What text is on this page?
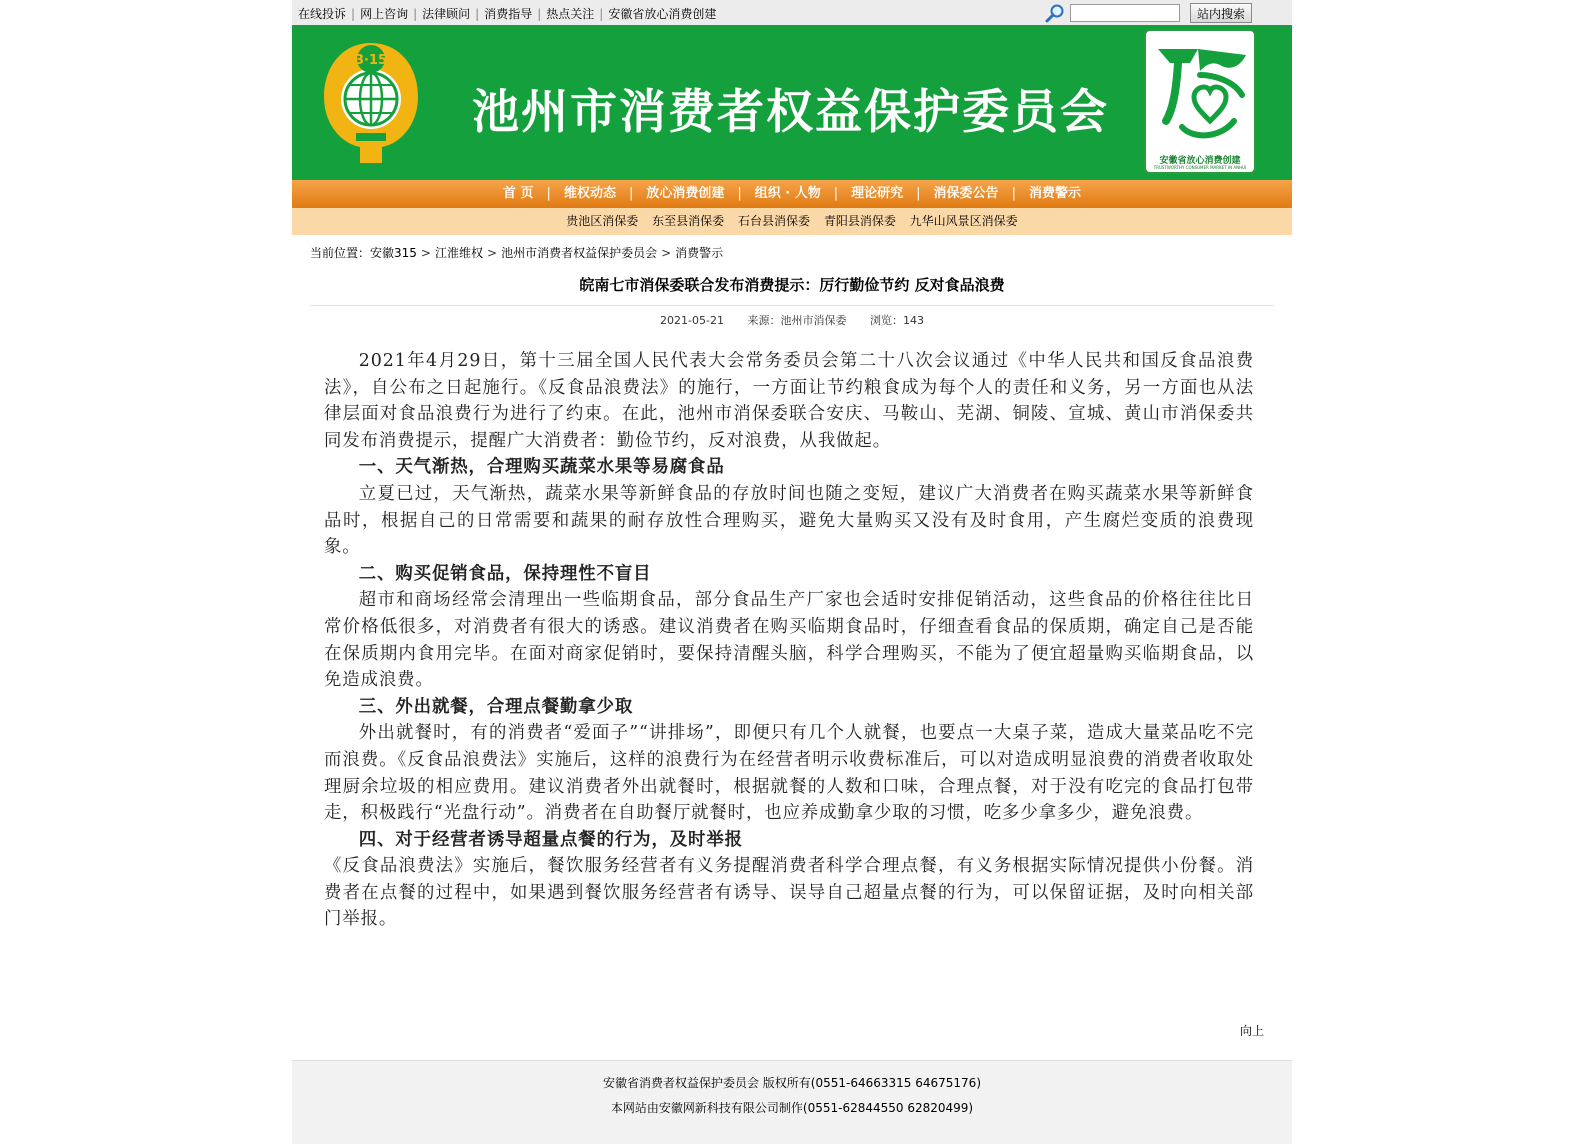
在线投诉 | 网上咨询 | 法律顾问 | 消费指导 | 热点关注 | 安徽省放心消费创建	站内搜索
3·15
池州市消费者权益保护委员会
安徽省放心消费创建
TRUSTWORTHY CONSUMER MARKET IN ANHUI
首 页 | 维权动态 | 放心消费创建 | 组织 · 人物 | 理论研究 | 消保委公告 | 消费警示
贵池区消保委 东至县消保委 石台县消保委 青阳县消保委 九华山风景区消保委
当前位置：安徽315 > 江淮维权 > 池州市消费者权益保护委员会 > 消费警示
皖南七市消保委联合发布消费提示：厉行勤俭节约 反对食品浪费
2021-05-21 来源：池州市消保委 浏览：143

2021年4月29日，第十三届全国人民代表大会常务委员会第二十八次会议通过《中华人民共和国反食品浪费法》，自公布之日起施行。《反食品浪费法》的施行，一方面让节约粮食成为每个人的责任和义务，另一方面也从法律层面对食品浪费行为进行了约束。在此，池州市消保委联合安庆、马鞍山、芜湖、铜陵、宣城、黄山市消保委共同发布消费提示，提醒广大消费者：勤俭节约，反对浪费，从我做起。

一、天气渐热，合理购买蔬菜水果等易腐食品

立夏已过，天气渐热，蔬菜水果等新鲜食品的存放时间也随之变短，建议广大消费者在购买蔬菜水果等新鲜食品时，根据自己的日常需要和蔬果的耐存放性合理购买，避免大量购买又没有及时食用，产生腐烂变质的浪费现象。

二、购买促销食品，保持理性不盲目

超市和商场经常会清理出一些临期食品，部分食品生产厂家也会适时安排促销活动，这些食品的价格往往比日常价格低很多，对消费者有很大的诱惑。建议消费者在购买临期食品时，仔细查看食品的保质期，确定自己是否能在保质期内食用完毕。在面对商家促销时，要保持清醒头脑，科学合理购买，不能为了便宜超量购买临期食品，以免造成浪费。

三、外出就餐，合理点餐勤拿少取

外出就餐时，有的消费者“爱面子”“讲排场”，即便只有几个人就餐，也要点一大桌子菜，造成大量菜品吃不完而浪费。《反食品浪费法》实施后，这样的浪费行为在经营者明示收费标准后，可以对造成明显浪费的消费者收取处理厨余垃圾的相应费用。建议消费者外出就餐时，根据就餐的人数和口味，合理点餐，对于没有吃完的食品打包带走，积极践行“光盘行动”。消费者在自助餐厅就餐时，也应养成勤拿少取的习惯，吃多少拿多少，避免浪费。

四、对于经营者诱导超量点餐的行为，及时举报

《反食品浪费法》实施后，餐饮服务经营者有义务提醒消费者科学合理点餐，有义务根据实际情况提供小份餐。消费者在点餐的过程中，如果遇到餐饮服务经营者有诱导、误导自己超量点餐的行为，可以保留证据，及时向相关部门举报。

向上
安徽省消费者权益保护委员会 版权所有(0551-64663315 64675176)
本网站由安徽网新科技有限公司制作(0551-62844550 62820499)
